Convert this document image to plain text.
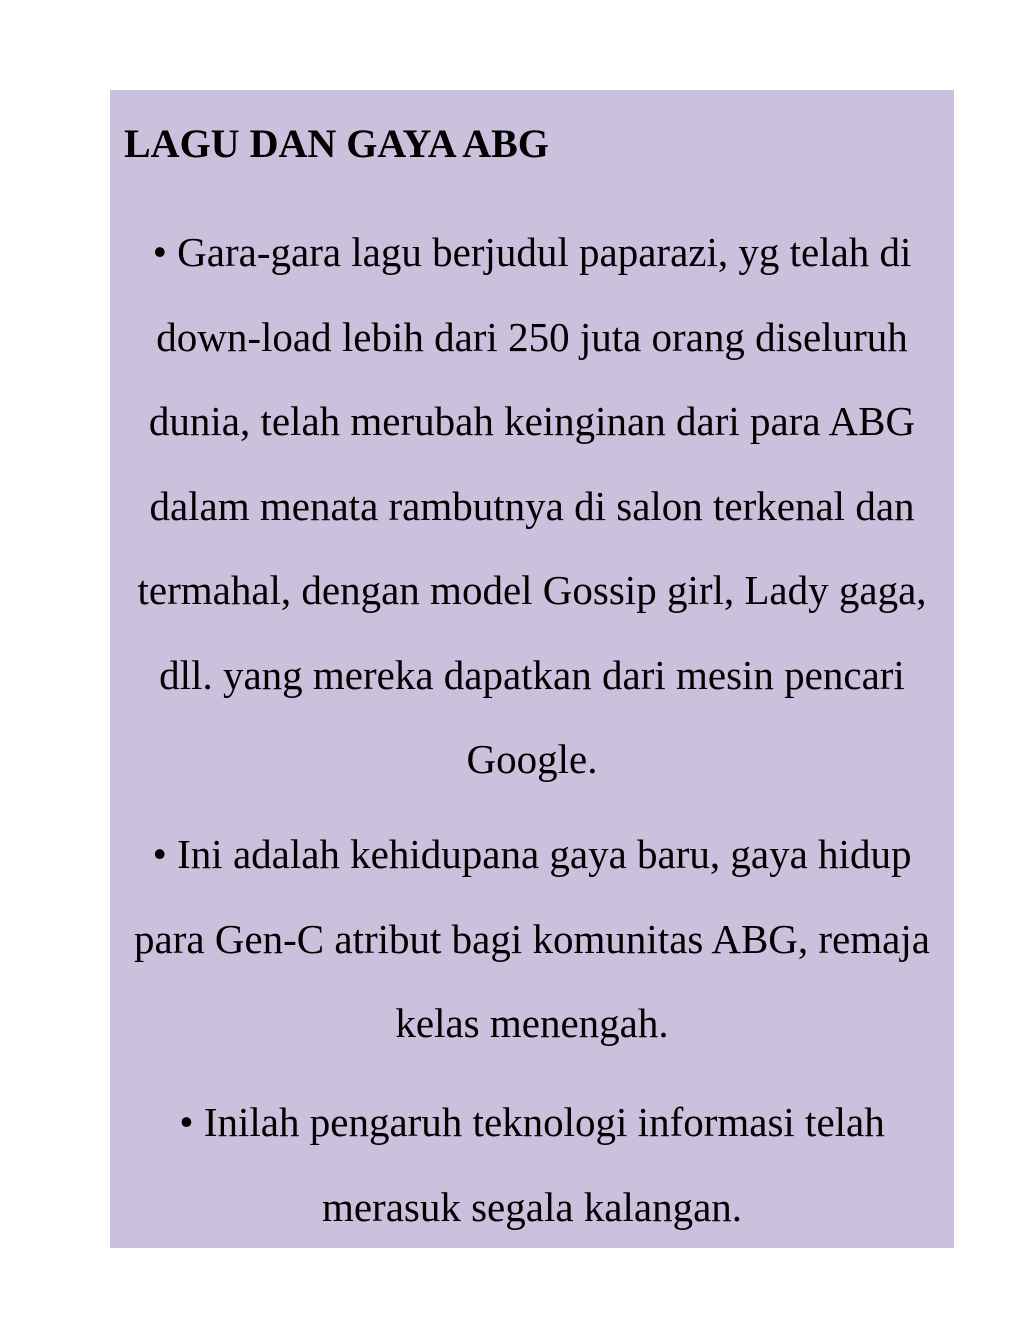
LAGU DAN GAYA ABG

• Gara-gara lagu berjudul paparazi, yg telah di down-load lebih dari 250 juta orang diseluruh dunia, telah merubah keinginan dari para ABG dalam menata rambutnya di salon terkenal dan termahal, dengan model Gossip girl, Lady gaga, dll. yang mereka dapatkan dari mesin pencari Google.

• Ini adalah kehidupana gaya baru, gaya hidup para Gen-C atribut bagi komunitas ABG, remaja kelas menengah.

• Inilah pengaruh teknologi informasi telah merasuk segala kalangan.
